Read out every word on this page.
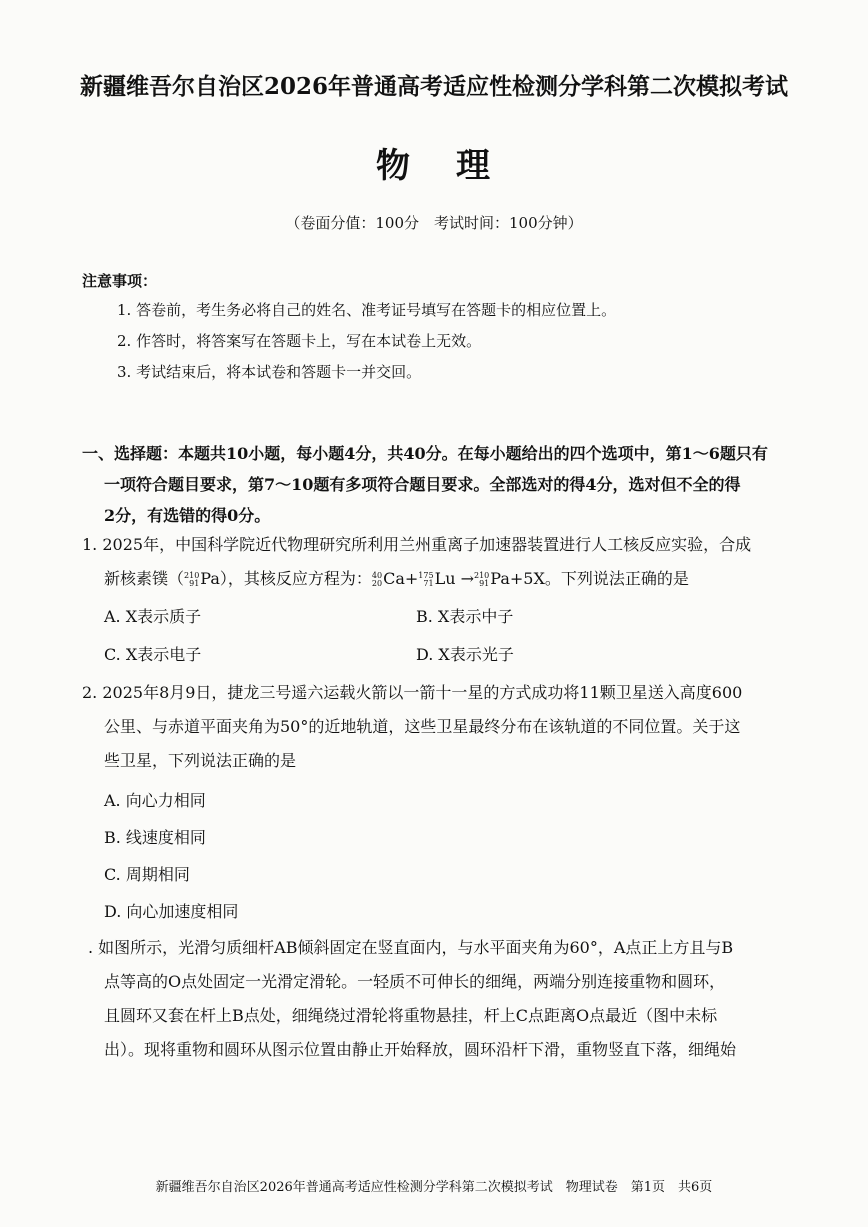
新疆维吾尔自治区2026年普通高考适应性检测分学科第二次模拟考试
物 理
（卷面分值：100分　考试时间：100分钟）
注意事项：
1. 答卷前，考生务必将自己的姓名、准考证号填写在答题卡的相应位置上。
2. 作答时，将答案写在答题卡上，写在本试卷上无效。
3. 考试结束后，将本试卷和答题卡一并交回。
一、选择题：本题共10小题，每小题4分，共40分。在每小题给出的四个选项中，第1～6题只有
一项符合题目要求，第7～10题有多项符合题目要求。全部选对的得4分，选对但不全的得
2分，有选错的得0分。
1. 2025年，中国科学院近代物理研究所利用兰州重离子加速器装置进行人工核反应实验，合成
新核素镤（ 210
91 Pa），其核反应方程为： 40
20 Ca+ 175
71 Lu → 210
91 Pa+5X。下列说法正确的是
A. X表示质子	B. X表示中子
C. X表示电子	D. X表示光子
2. 2025年8月9日，捷龙三号遥六运载火箭以一箭十一星的方式成功将11颗卫星送入高度600
公里、与赤道平面夹角为50°的近地轨道，这些卫星最终分布在该轨道的不同位置。关于这
些卫星，下列说法正确的是
A. 向心力相同
B. 线速度相同
C. 周期相同
D. 向心加速度相同
. 如图所示，光滑匀质细杆AB倾斜固定在竖直面内，与水平面夹角为60°，A点正上方且与B
点等高的O点处固定一光滑定滑轮。一轻质不可伸长的细绳，两端分别连接重物和圆环，
且圆环又套在杆上B点处，细绳绕过滑轮将重物悬挂，杆上C点距离O点最近（图中未标
出）。现将重物和圆环从图示位置由静止开始释放，圆环沿杆下滑，重物竖直下落，细绳始
新疆维吾尔自治区2026年普通高考适应性检测分学科第二次模拟考试　物理试卷　第1页　共6页
